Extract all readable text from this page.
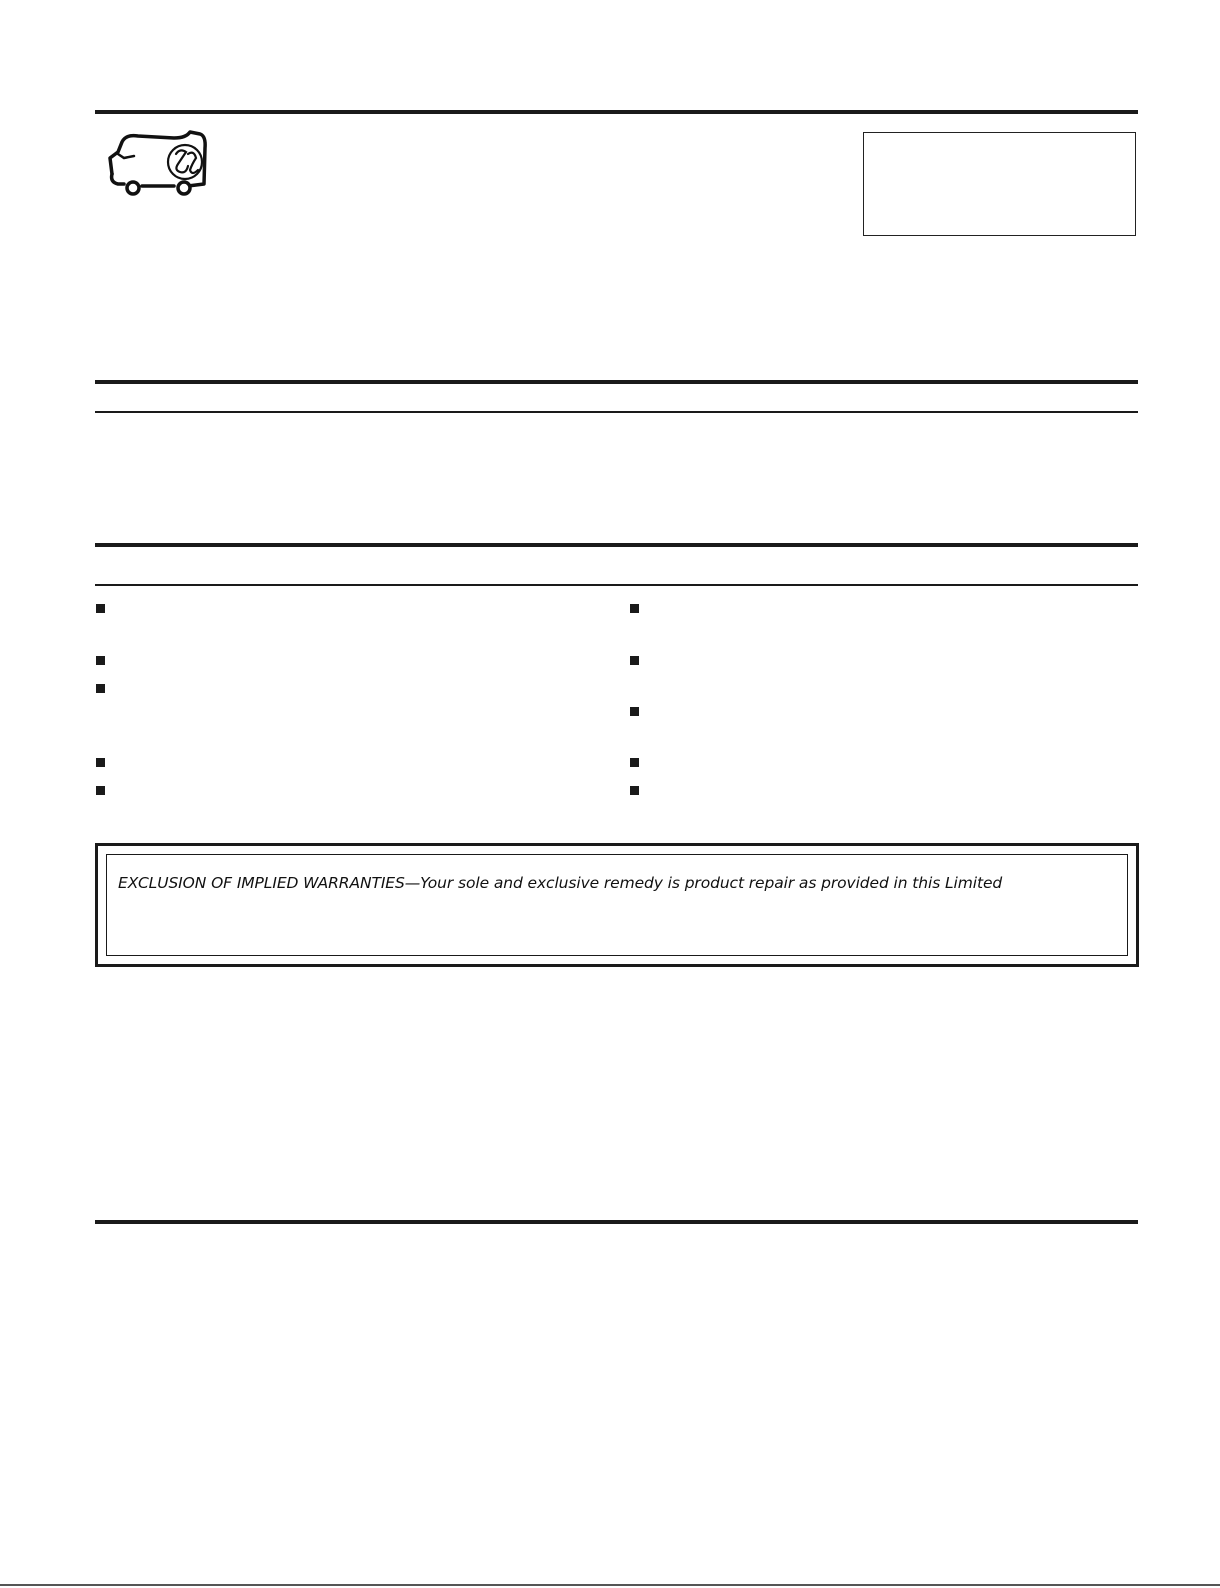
EXCLUSION OF IMPLIED WARRANTIES—Your sole and exclusive remedy is product repair as provided in this Limited
